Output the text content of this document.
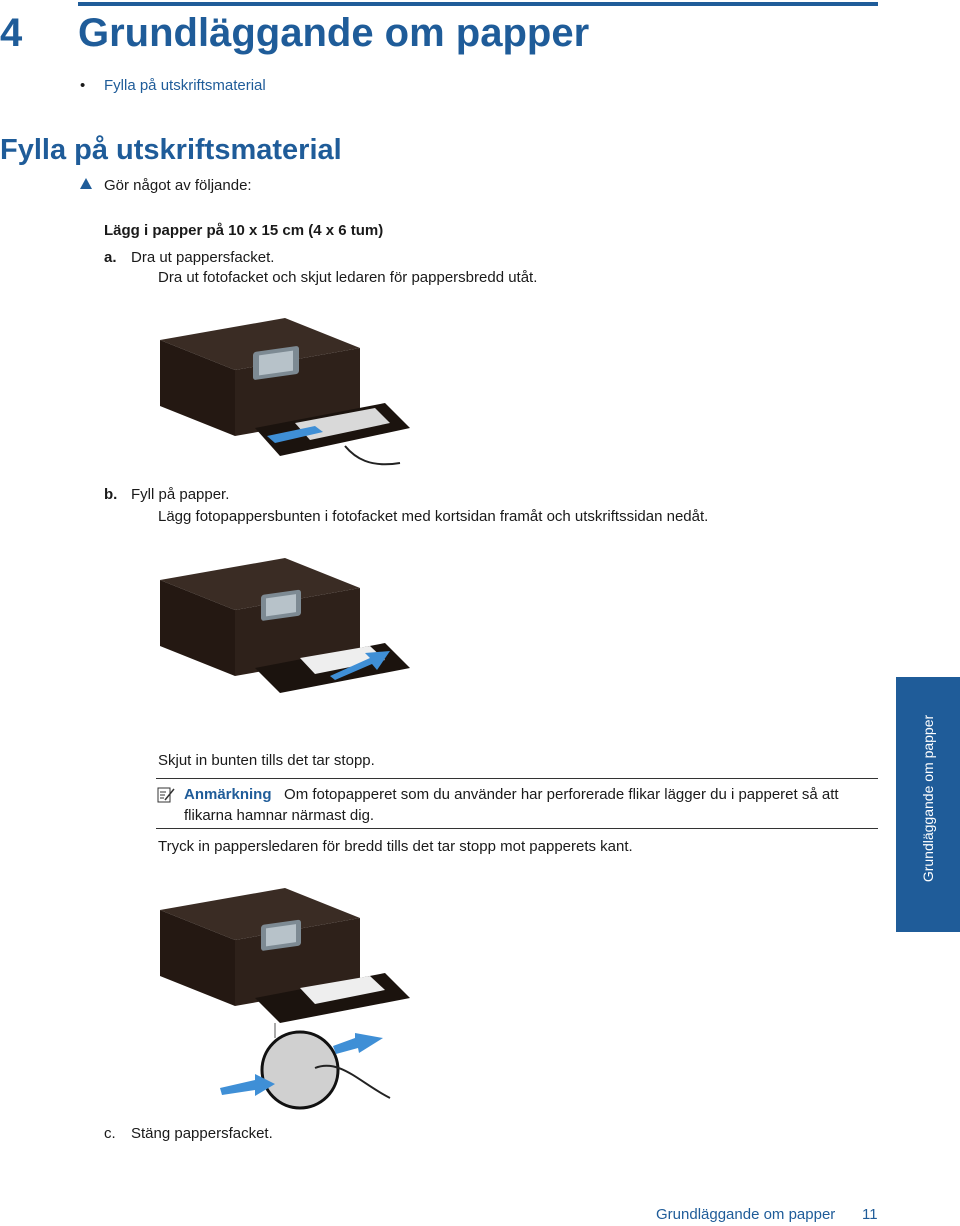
4 Grundläggande om papper
• Fylla på utskriftsmaterial
Fylla på utskriftsmaterial
Gör något av följande:
Lägg i papper på 10 x 15 cm (4 x 6 tum)
a. Dra ut pappersfacket.
Dra ut fotofacket och skjut ledaren för pappersbredd utåt.
b. Fyll på papper.
Lägg fotopappersbunten i fotofacket med kortsidan framåt och utskriftssidan nedåt.
Skjut in bunten tills det tar stopp.
Anmärkning Om fotopapperet som du använder har perforerade flikar lägger du i papperet så att flikarna hamnar närmast dig.
Tryck in pappersledaren för bredd tills det tar stopp mot papperets kant.
c. Stäng pappersfacket.
Grundläggande om papper
Grundläggande om papper 11
